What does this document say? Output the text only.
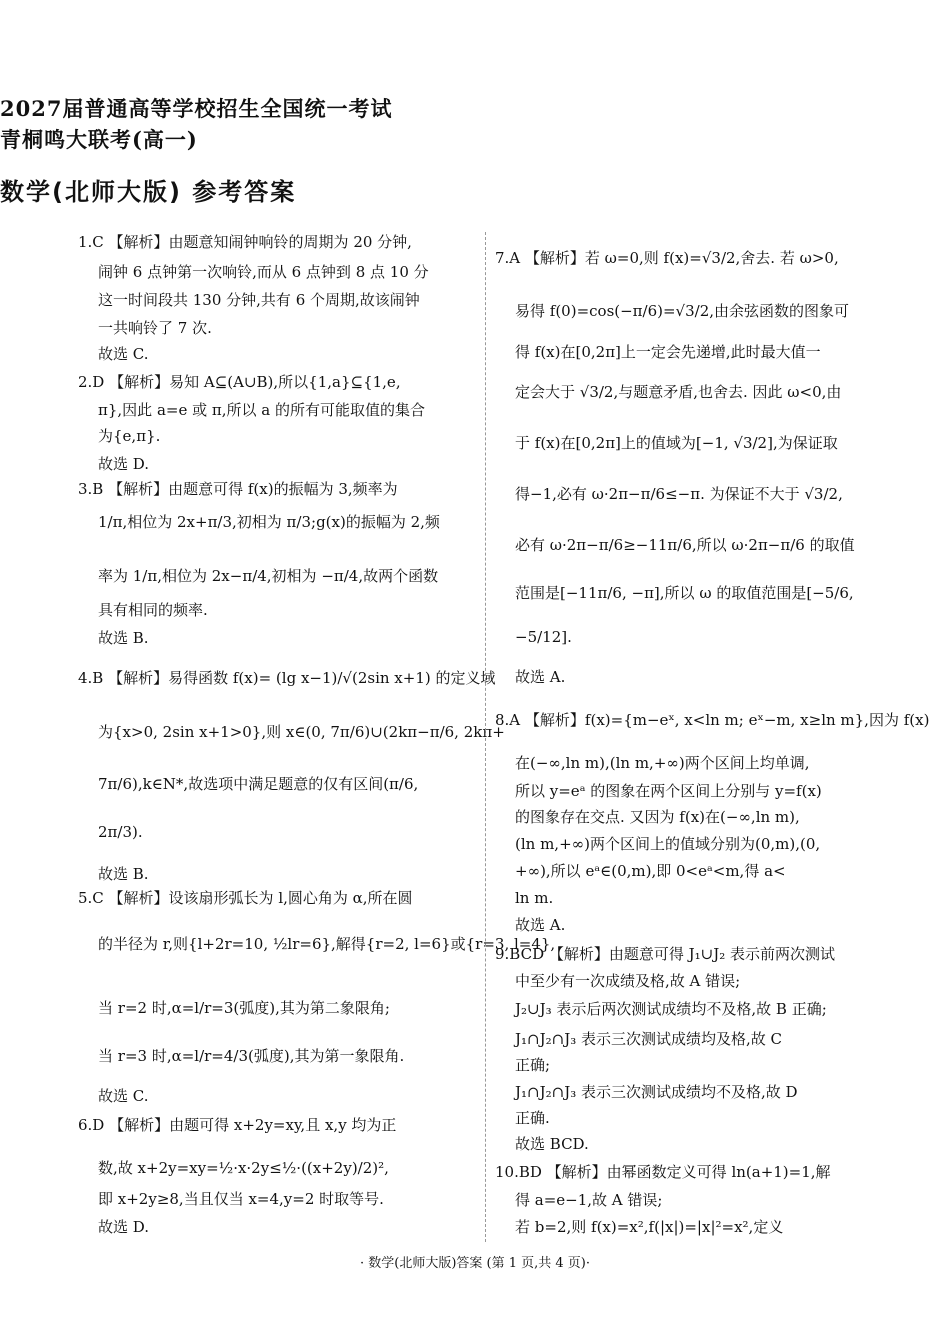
2027届普通高等学校招生全国统一考试
青桐鸣大联考(高一)
数学(北师大版) 参考答案
1.C 【解析】由题意知闹钟响铃的周期为 20 分钟,
闹钟 6 点钟第一次响铃,而从 6 点钟到 8 点 10 分
这一时间段共 130 分钟,共有 6 个周期,故该闹钟
一共响铃了 7 次.
故选 C.
2.D 【解析】易知 A⊆(A∪B),所以{1,a}⊆{1,e,
π},因此 a=e 或 π,所以 a 的所有可能取值的集合
为{e,π}.
故选 D.
3.B 【解析】由题意可得 f(x)的振幅为 3,频率为
1/π,相位为 2x+π/3,初相为 π/3;g(x)的振幅为 2,频
率为 1/π,相位为 2x−π/4,初相为 −π/4,故两个函数
具有相同的频率.
故选 B.
4.B 【解析】易得函数 f(x)= (lg x−1)/√(2sin x+1) 的定义域
为{x>0, 2sin x+1>0},则 x∈(0, 7π/6)∪(2kπ−π/6, 2kπ+
7π/6),k∈N*,故选项中满足题意的仅有区间(π/6,
2π/3).
故选 B.
5.C 【解析】设该扇形弧长为 l,圆心角为 α,所在圆
的半径为 r,则{l+2r=10, ½lr=6},解得{r=2, l=6}或{r=3, l=4},
当 r=2 时,α=l/r=3(弧度),其为第二象限角;
当 r=3 时,α=l/r=4/3(弧度),其为第一象限角.
故选 C.
6.D 【解析】由题可得 x+2y=xy,且 x,y 均为正
数,故 x+2y=xy=½·x·2y≤½·((x+2y)/2)²,
即 x+2y≥8,当且仅当 x=4,y=2 时取等号.
故选 D.
7.A 【解析】若 ω=0,则 f(x)=√3/2,舍去. 若 ω>0,
易得 f(0)=cos(−π/6)=√3/2,由余弦函数的图象可
得 f(x)在[0,2π]上一定会先递增,此时最大值一
定会大于 √3/2,与题意矛盾,也舍去. 因此 ω<0,由
于 f(x)在[0,2π]上的值域为[−1, √3/2],为保证取
得−1,必有 ω·2π−π/6≤−π. 为保证不大于 √3/2,
必有 ω·2π−π/6≥−11π/6,所以 ω·2π−π/6 的取值
范围是[−11π/6, −π],所以 ω 的取值范围是[−5/6,
−5/12].
故选 A.
8.A 【解析】f(x)={m−eˣ, x<ln m; eˣ−m, x≥ln m},因为 f(x)
在(−∞,ln m),(ln m,+∞)两个区间上均单调,
所以 y=eᵃ 的图象在两个区间上分别与 y=f(x)
的图象存在交点. 又因为 f(x)在(−∞,ln m),
(ln m,+∞)两个区间上的值域分别为(0,m),(0,
+∞),所以 eᵃ∈(0,m),即 0<eᵃ<m,得 a<
ln m.
故选 A.
9.BCD 【解析】由题意可得 J₁∪J₂ 表示前两次测试
中至少有一次成绩及格,故 A 错误;
J₂∪J₃ 表示后两次测试成绩均不及格,故 B 正确;
J₁∩J₂∩J₃ 表示三次测试成绩均及格,故 C
正确;
J₁∩J₂∩J₃ 表示三次测试成绩均不及格,故 D
正确.
故选 BCD.
10.BD 【解析】由幂函数定义可得 ln(a+1)=1,解
得 a=e−1,故 A 错误;
若 b=2,则 f(x)=x²,f(|x|)=|x|²=x²,定义
· 数学(北师大版)答案 (第 1 页,共 4 页)·
